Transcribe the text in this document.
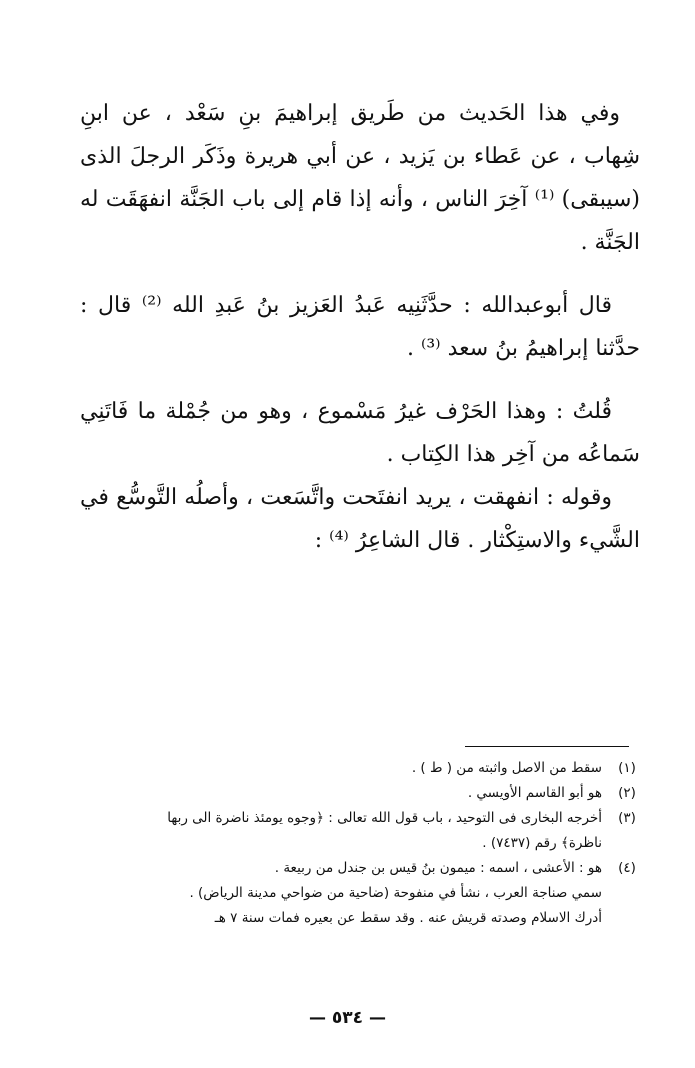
وفي هذا الحَديث من طَريق إبراهيمَ بنِ سَعْد ، عن ابنِ شِهاب ، عن عَطاء بن يَزيد ، عن أبي هريرة وذَكَر الرجلَ الذى (سيبقى) ⁽¹⁾ آخِرَ الناس ، وأنه إذا قام إلى باب الجَنَّة انفهَقَت له الجَنَّة .

قال أبوعبدالله : حدَّثَنِيه عَبدُ العَزيز بنُ عَبدِ الله ⁽²⁾ قال : حدَّثنا إبراهيمُ بنُ سعد ⁽³⁾ .

قُلتُ : وهذا الحَرْف غيرُ مَسْموع ، وهو من جُمْلة ما فَاتَنِي سَماعُه من آخِر هذا الكِتاب .

وقوله : انفهقت ، يريد انفتَحت واتَّسَعت ، وأصلُه التَّوسُّع في الشَّيء والاستِكْثار . قال الشاعِرُ ⁽⁴⁾ :

(١)
سقط من الاصل واثبته من ( ط ) .
(٢)
هو أبو القاسم الأويسي .
(٣)
أخرجه البخارى فى التوحيد ، باب قول الله تعالى : ﴿وجوه يومئذ ناضرة الى ربها
ناظرة﴾ رقم (٧٤٣٧) .
(٤)
هو : الأعشى ، اسمه : ميمون بنُ قيس بن جندل من ربيعة .
سمي صناجة العرب ، نشأ في منفوحة (ضاحية من ضواحي مدينة الرياض) .
أدرك الاسلام وصدته قريش عنه . وقد سقط عن بعيره فمات سنة ٧ هـ
— ٥٣٤ —
